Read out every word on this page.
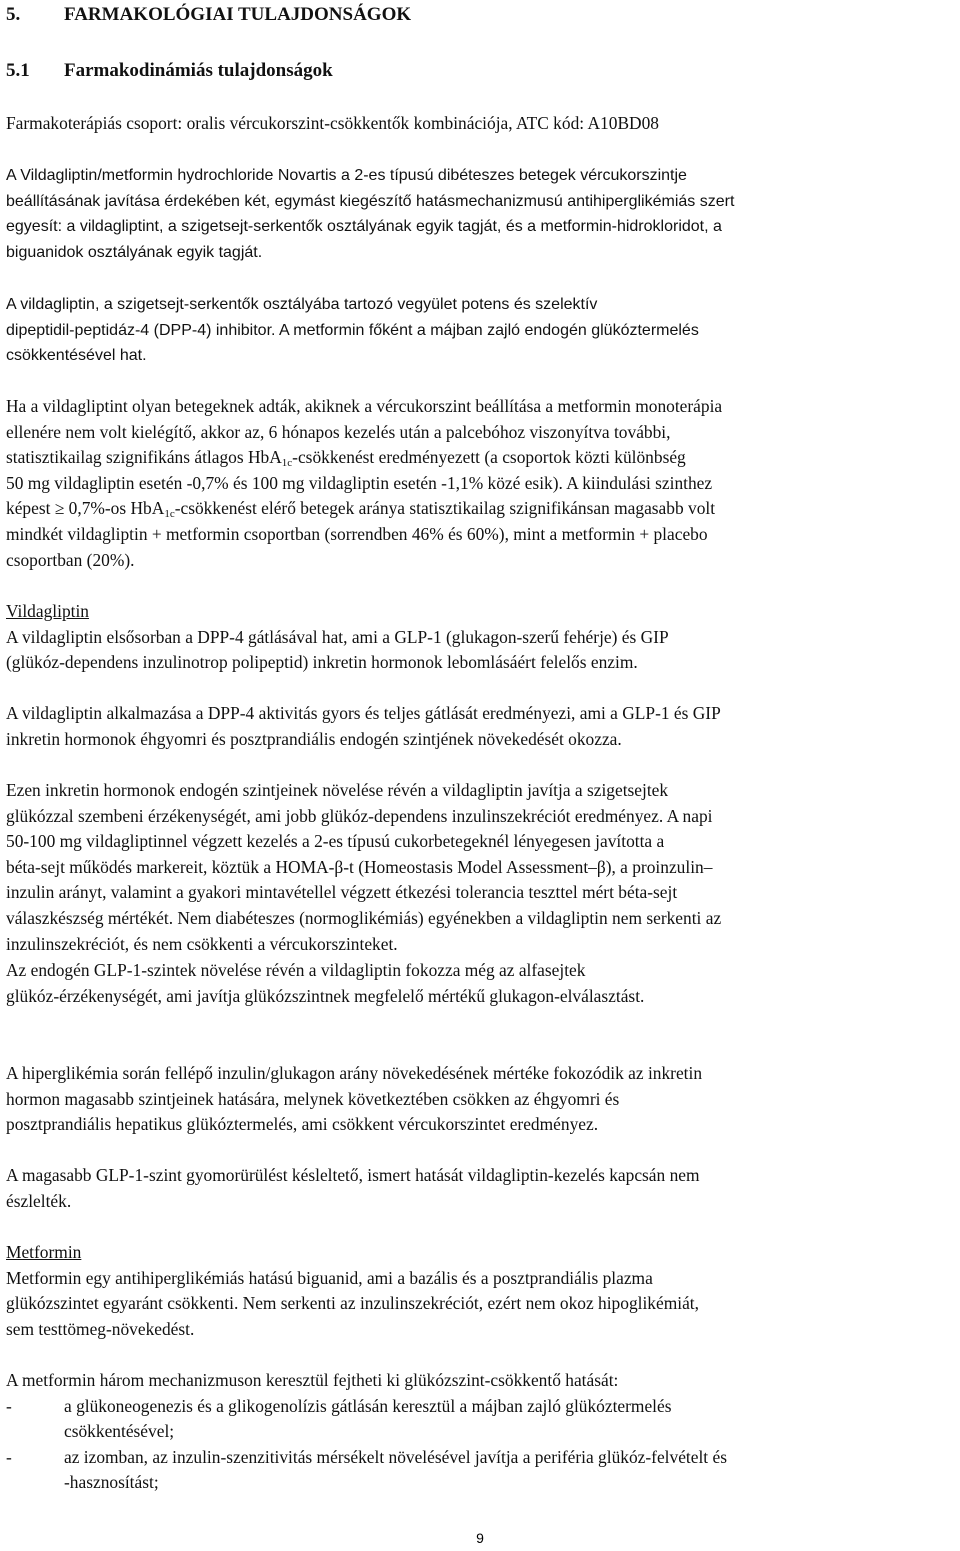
5. FARMAKOLÓGIAI TULAJDONSÁGOK
5.1 Farmakodinámiás tulajdonságok
Farmakoterápiás csoport: oralis vércukorszint-csökkentők kombinációja, ATC kód: A10BD08
A Vildagliptin/metformin hydrochloride Novartis a 2-es típusú dibéteszes betegek vércukorszintje
beállításának javítása érdekében két, egymást kiegészítő hatásmechanizmusú antihiperglikémiás szert
egyesít: a vildagliptint, a szigetsejt-serkentők osztályának egyik tagját, és a metformin-hidrokloridot, a
biguanidok osztályának egyik tagját.
A vildagliptin, a szigetsejt-serkentők osztályába tartozó vegyület potens és szelektív
dipeptidil-peptidáz-4 (DPP-4) inhibitor. A metformin főként a májban zajló endogén glükóztermelés
csökkentésével hat.
Ha a vildagliptint olyan betegeknek adták, akiknek a vércukorszint beállítása a metformin monoterápia
ellenére nem volt kielégítő, akkor az, 6 hónapos kezelés után a palcebóhoz viszonyítva további,
statisztikailag szignifikáns átlagos HbA$_{1c}$-csökkenést eredményezett (a csoportok közti különbség
50 mg vildagliptin esetén -0,7% és 100 mg vildagliptin esetén -1,1% közé esik). A kiindulási szinthez
képest ≥ 0,7%-os HbA$_{1c}$-csökkenést elérő betegek aránya statisztikailag szignifikánsan magasabb volt
mindkét vildagliptin + metformin csoportban (sorrendben 46% és 60%), mint a metformin + placebo
csoportban (20%).
Vildagliptin
A vildagliptin elsősorban a DPP-4 gátlásával hat, ami a GLP-1 (glukagon-szerű fehérje) és GIP
(glükóz-dependens inzulinotrop polipeptid) inkretin hormonok lebomlásáért felelős enzim.
A vildagliptin alkalmazása a DPP-4 aktivitás gyors és teljes gátlását eredményezi, ami a GLP-1 és GIP
inkretin hormonok éhgyomri és posztprandiális endogén szintjének növekedését okozza.
Ezen inkretin hormonok endogén szintjeinek növelése révén a vildagliptin javítja a szigetsejtek
glükózzal szembeni érzékenységét, ami jobb glükóz-dependens inzulinszekréciót eredményez. A napi
50-100 mg vildagliptinnel végzett kezelés a 2-es típusú cukorbetegeknél lényegesen javította a
béta-sejt működés markereit, köztük a HOMA-β-t (Homeostasis Model Assessment–β), a proinzulin–
inzulin arányt, valamint a gyakori mintavétellel végzett étkezési tolerancia teszttel mért béta-sejt
válaszkészség mértékét. Nem diabéteszes (normoglikémiás) egyénekben a vildagliptin nem serkenti az
inzulinszekréciót, és nem csökkenti a vércukorszinteket.
Az endogén GLP-1-szintek növelése révén a vildagliptin fokozza még az alfasejtek
glükóz-érzékenységét, ami javítja glükózszintnek megfelelő mértékű glukagon-elválasztást.
A hiperglikémia során fellépő inzulin/glukagon arány növekedésének mértéke fokozódik az inkretin
hormon magasabb szintjeinek hatására, melynek következtében csökken az éhgyomri és
posztprandiális hepatikus glükóztermelés, ami csökkent vércukorszintet eredményez.
A magasabb GLP-1-szint gyomorürülést késleltető, ismert hatását vildagliptin-kezelés kapcsán nem
észlelték.
Metformin
Metformin egy antihiperglikémiás hatású biguanid, ami a bazális és a posztprandiális plazma
glükózszintet egyaránt csökkenti. Nem serkenti az inzulinszekréciót, ezért nem okoz hipoglikémiát,
sem testtömeg-növekedést.
A metformin három mechanizmuson keresztül fejtheti ki glükózszint-csökkentő hatását:
-	a glükoneogenezis és a glikogenolízis gátlásán keresztül a májban zajló glükóztermelés
csökkentésével;
-	az izomban, az inzulin-szenzitivitás mérsékelt növelésével javítja a periféria glükóz-felvételt és
-hasznosítást;
9
